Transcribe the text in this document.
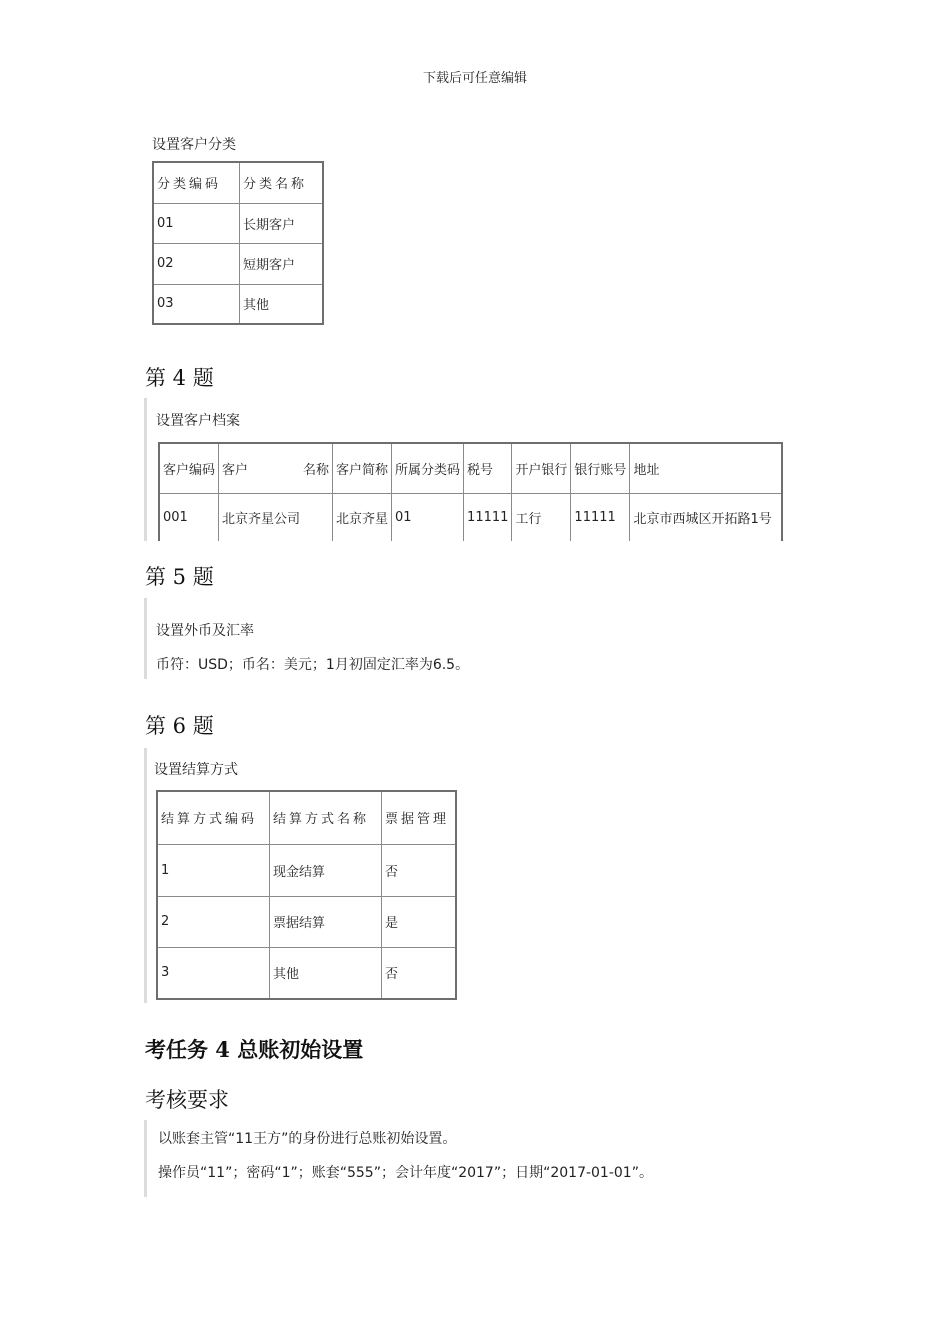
下载后可任意编辑
设置客户分类
分类编码	分类名称
01	长期客户
02	短期客户
03	其他
第 4 题
设置客户档案
客户编码	客户 名称	客户简称	所属分类码	税号	开户银行	银行账号	地址
001	北京齐星公司	北京齐星	01	11111	工行	11111	北京市西城区开拓路1号
第 5 题
设置外币及汇率
币符：USD；币名：美元；1月初固定汇率为6.5。
第 6 题
设置结算方式
结算方式编码	结算方式名称	票据管理
1	现金结算	否
2	票据结算	是
3	其他	否
考任务 4 总账初始设置
考核要求
以账套主管“11王方”的身份进行总账初始设置。
操作员“11”；密码“1”；账套“555”；会计年度“2017”；日期“2017-01-01”。
